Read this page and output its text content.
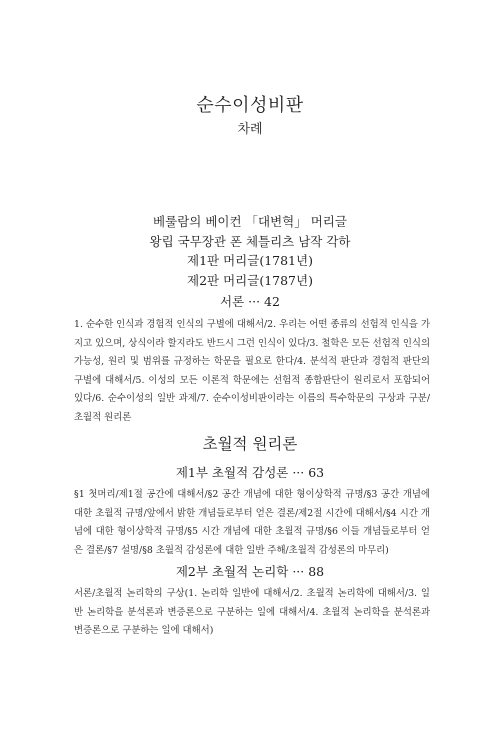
순수이성비판
차례
베룰람의 베이컨 「대변혁」 머리글
왕립 국무장관 폰 체틀리츠 남작 각하
제1판 머리글(1781년)
제2판 머리글(1787년)
서론 ··· 42
1. 순수한 인식과 경험적 인식의 구별에 대해서/2. 우리는 어떤 종류의 선험적 인식을 가지고 있으며, 상식이라 할지라도 반드시 그런 인식이 있다/3. 철학은 모든 선험적 인식의 가능성, 원리 및 범위를 규정하는 학문을 필요로 한다/4. 분석적 판단과 경험적 판단의 구별에 대해서/5. 이성의 모든 이론적 학문에는 선험적 종합판단이 원리로서 포함되어 있다/6. 순수이성의 일반 과제/7. 순수이성비판이라는 이름의 특수학문의 구상과 구분/초월적 원리론
초월적 원리론
제1부 초월적 감성론 ··· 63
§1 첫머리/제1절 공간에 대해서/§2 공간 개념에 대한 형이상학적 규명/§3 공간 개념에 대한 초월적 규명/앞에서 밝한 개념들로부터 얻은 결론/제2절 시간에 대해서/§4 시간 개념에 대한 형이상학적 규명/§5 시간 개념에 대한 초월적 규명/§6 이들 개념들로부터 얻은 결론/§7 설명/§8 초월적 감성론에 대한 일반 주해/초월적 감성론의 마무리)
제2부 초월적 논리학 ··· 88
서론/초월적 논리학의 구상(1. 논리학 일반에 대해서/2. 초월적 논리학에 대해서/3. 일반 논리학을 분석론과 변증론으로 구분하는 일에 대해서/4. 초월적 논리학을 분석론과 변증론으로 구분하는 일에 대해서)
